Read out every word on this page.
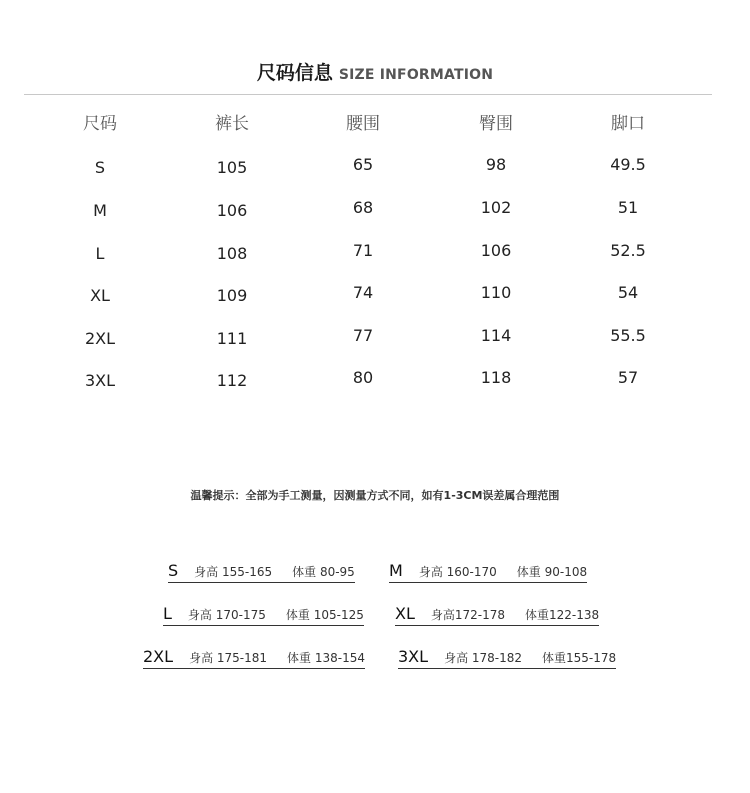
尺码信息 SIZE INFORMATION
尺码	裤长	腰围	臀围	脚口
S	105	65	98	49.5
M	106	68	102	51
L	108	71	106	52.5
XL	109	74	110	54
2XL	111	77	114	55.5
3XL	112	80	118	57
温馨提示：全部为手工测量，因测量方式不同，如有1-3CM误差属合理范围
S 身高 155-165 体重 80-95 M 身高 160-170 体重 90-108
L 身高 170-175 体重 105-125 XL 身高172-178 体重122-138
2XL 身高 175-181 体重 138-154 3XL 身高 178-182 体重155-178
